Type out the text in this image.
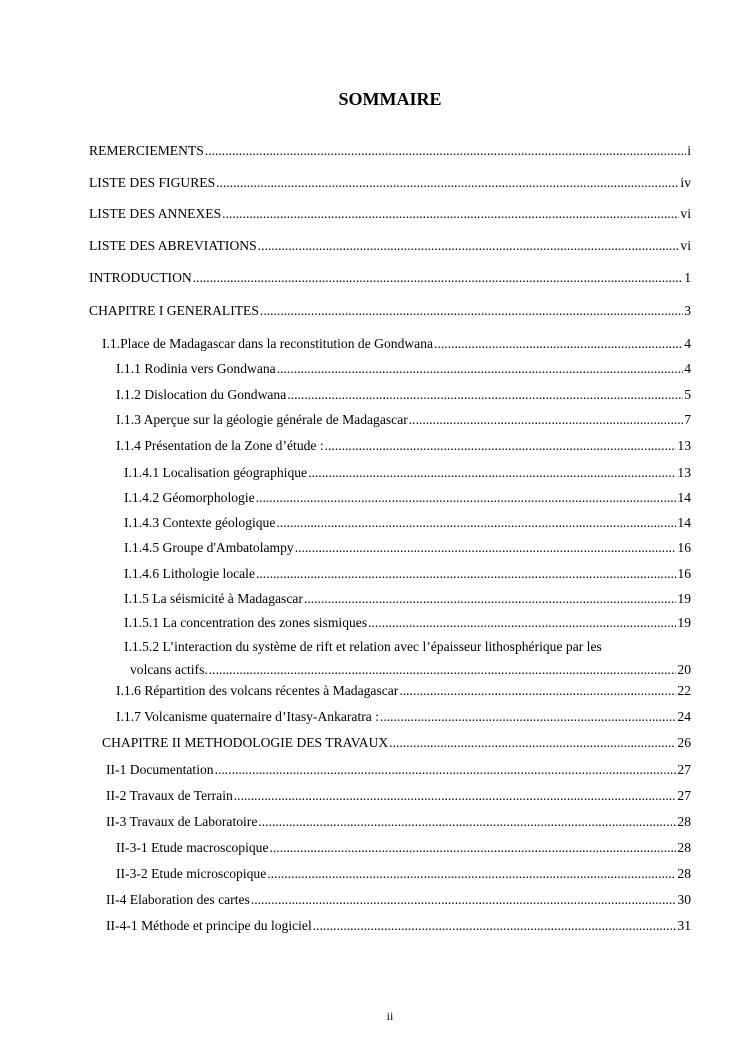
SOMMAIRE
REMERCIEMENTS .....	i
LISTE DES FIGURES .....	iv
LISTE DES ANNEXES .....	vi
LISTE DES ABREVIATIONS .....	vi
INTRODUCTION .....	1
CHAPITRE I GENERALITES .....	3
I.1.Place de Madagascar dans la reconstitution de Gondwana .....	4
I.1.1 Rodinia vers Gondwana .....	4
I.1.2 Dislocation du Gondwana .....	5
I.1.3 Aperçue sur la géologie générale de Madagascar .....	7
I.1.4 Présentation de la Zone d’étude : .....	13
I.1.4.1 Localisation géographique .....	13
I.1.4.2 Géomorphologie .....	14
I.1.4.3 Contexte géologique .....	14
I.1.4.5 Groupe d'Ambatolampy .....	16
I.1.4.6 Lithologie locale .....	16
I.1.5 La séismicité à Madagascar .....	19
I.1.5.1 La concentration des zones sismiques .....	19
I.1.5.2 L’interaction du système de rift et relation avec l’épaisseur lithosphérique par les
volcans actifs. .....	20
I.1.6 Répartition des volcans récentes à Madagascar .....	22
I.1.7 Volcanisme quaternaire d’Itasy-Ankaratra : .....	24
CHAPITRE II METHODOLOGIE DES TRAVAUX .....	26
II-1 Documentation .....	27
II-2 Travaux de Terrain .....	27
II-3 Travaux de Laboratoire .....	28
II-3-1 Etude macroscopique .....	28
II-3-2 Etude microscopique .....	28
II-4 Elaboration des cartes .....	30
II-4-1 Méthode et principe du logiciel .....	31
ii
